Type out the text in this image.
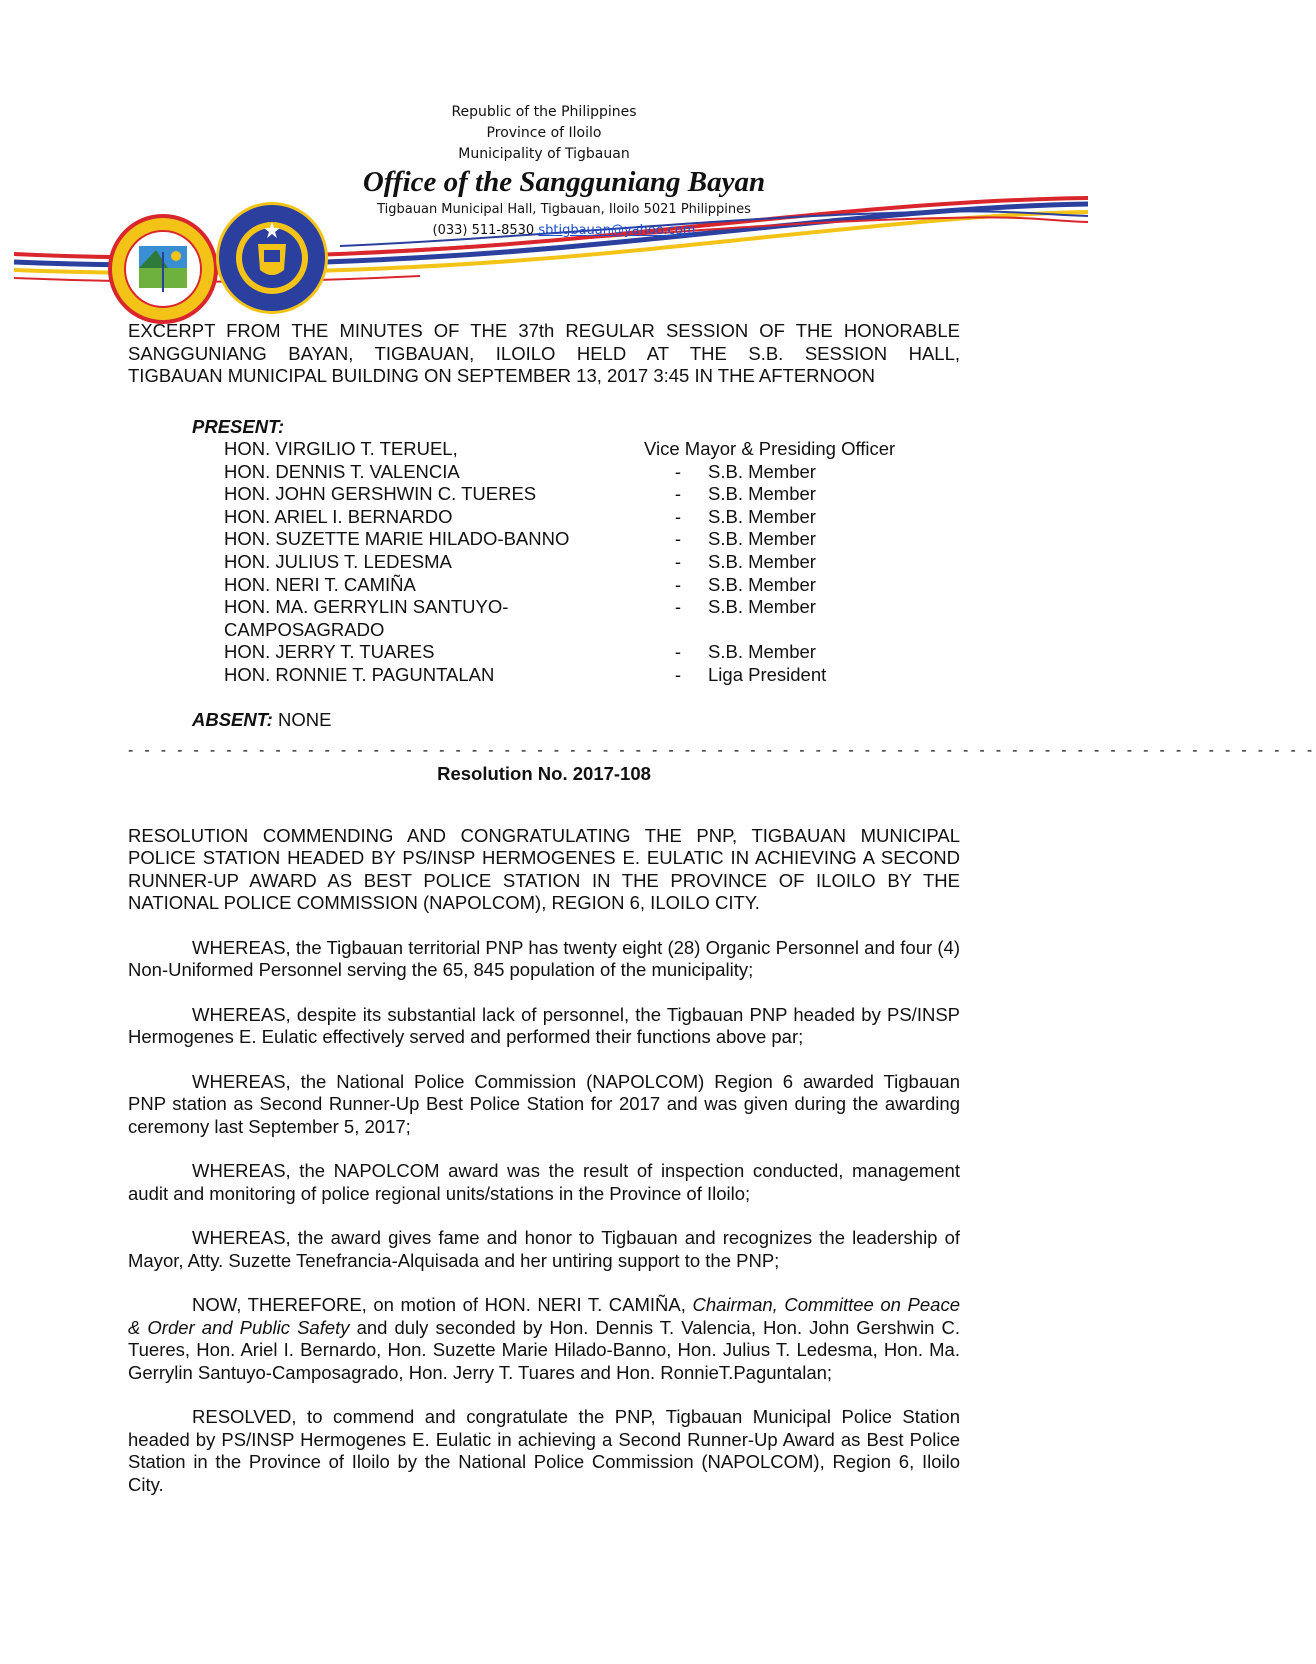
Republic of the Philippines
Province of Iloilo
Municipality of Tigbauan
Office of the Sangguniang Bayan
Tigbauan Municipal Hall, Tigbauan, Iloilo 5021 Philippines
(033) 511-8530 sbtigbauan@yahoo.com
EXCERPT FROM THE MINUTES OF THE 37th REGULAR SESSION OF THE HONORABLE
SANGGUNIANG BAYAN, TIGBAUAN, ILOILO HELD AT THE S.B. SESSION HALL,
TIGBAUAN MUNICIPAL BUILDING ON SEPTEMBER 13, 2017 3:45 IN THE AFTERNOON
PRESENT:
HON. VIRGILIO T. TERUEL,	Vice Mayor & Presiding Officer
HON. DENNIS T. VALENCIA	-	S.B. Member
HON. JOHN GERSHWIN C. TUERES	-	S.B. Member
HON. ARIEL I. BERNARDO	-	S.B. Member
HON. SUZETTE MARIE HILADO-BANNO	-	S.B. Member
HON. JULIUS T. LEDESMA	-	S.B. Member
HON. NERI T. CAMIÑA	-	S.B. Member
HON. MA. GERRYLIN SANTUYO-CAMPOSAGRADO
-	S.B. Member
HON. JERRY T. TUARES	-	S.B. Member
HON. RONNIE T. PAGUNTALAN	-	Liga President
ABSENT: NONE
- - - - - - - - - - - - - - - - - - - - - - - - - - - - - - - - - - - - - - - - - - - - - - - - - - - - - - - - - - - - - - - - - - - - - - - - -
Resolution No. 2017-108

RESOLUTION COMMENDING AND CONGRATULATING THE PNP, TIGBAUAN MUNICIPAL POLICE STATION HEADED BY PS/INSP HERMOGENES E. EULATIC IN ACHIEVING A SECOND RUNNER-UP AWARD AS BEST POLICE STATION IN THE PROVINCE OF ILOILO BY THE NATIONAL POLICE COMMISSION (NAPOLCOM), REGION 6, ILOILO CITY.

WHEREAS, the Tigbauan territorial PNP has twenty eight (28) Organic Personnel and four (4) Non-Uniformed Personnel serving the 65, 845 population of the municipality;

WHEREAS, despite its substantial lack of personnel, the Tigbauan PNP headed by PS/INSP Hermogenes E. Eulatic effectively served and performed their functions above par;

WHEREAS, the National Police Commission (NAPOLCOM) Region 6 awarded Tigbauan PNP station as Second Runner-Up Best Police Station for 2017 and was given during the awarding ceremony last September 5, 2017;

WHEREAS, the NAPOLCOM award was the result of inspection conducted, management audit and monitoring of police regional units/stations in the Province of Iloilo;

WHEREAS, the award gives fame and honor to Tigbauan and recognizes the leadership of Mayor, Atty. Suzette Tenefrancia-Alquisada and her untiring support to the PNP;

NOW, THEREFORE, on motion of HON. NERI T. CAMIÑA, Chairman, Committee on Peace & Order and Public Safety and duly seconded by Hon. Dennis T. Valencia, Hon. John Gershwin C. Tueres, Hon. Ariel I. Bernardo, Hon. Suzette Marie Hilado-Banno, Hon. Julius T. Ledesma, Hon. Ma. Gerrylin Santuyo-Camposagrado, Hon. Jerry T. Tuares and Hon. RonnieT.Paguntalan;

RESOLVED, to commend and congratulate the PNP, Tigbauan Municipal Police Station headed by PS/INSP Hermogenes E. Eulatic in achieving a Second Runner-Up Award as Best Police Station in the Province of Iloilo by the National Police Commission (NAPOLCOM), Region 6, Iloilo City.
